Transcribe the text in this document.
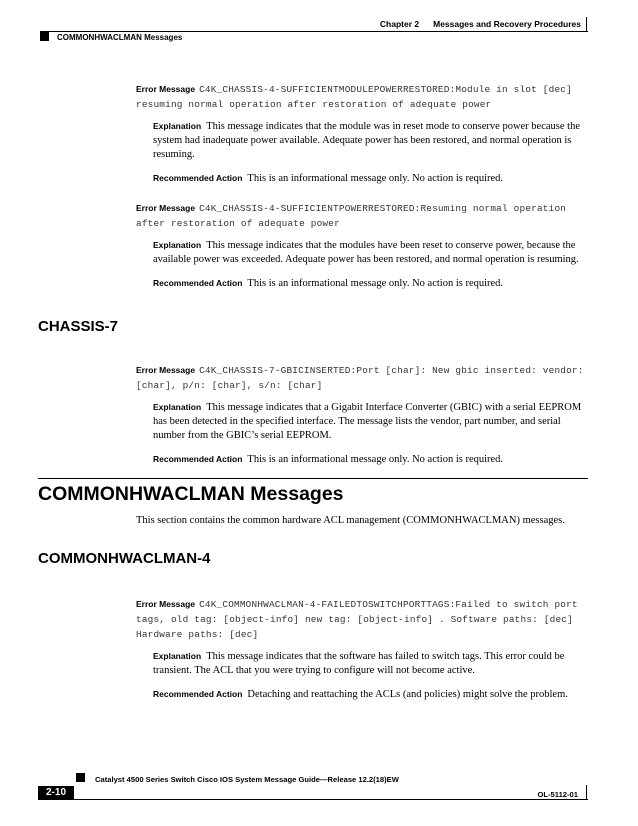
Chapter 2 Messages and Recovery Procedures
COMMONHWACLMAN Messages
Error Message C4K_CHASSIS-4-SUFFICIENTMODULEPOWERRESTORED:Module in slot [dec] resuming normal operation after restoration of adequate power
Explanation This message indicates that the module was in reset mode to conserve power because the system had inadequate power available. Adequate power has been restored, and normal operation is resuming.
Recommended Action This is an informational message only. No action is required.
Error Message C4K_CHASSIS-4-SUFFICIENTPOWERRESTORED:Resuming normal operation after restoration of adequate power
Explanation This message indicates that the modules have been reset to conserve power, because the available power was exceeded. Adequate power has been restored, and normal operation is resuming.
Recommended Action This is an informational message only. No action is required.
CHASSIS-7
Error Message C4K_CHASSIS-7-GBICINSERTED:Port [char]: New gbic inserted: vendor: [char], p/n: [char], s/n: [char]
Explanation This message indicates that a Gigabit Interface Converter (GBIC) with a serial EEPROM has been detected in the specified interface. The message lists the vendor, part number, and serial number from the GBIC’s serial EEPROM.
Recommended Action This is an informational message only. No action is required.
COMMONHWACLMAN Messages
This section contains the common hardware ACL management (COMMONHWACLMAN) messages.
COMMONHWACLMAN-4
Error Message C4K_COMMONHWACLMAN-4-FAILEDTOSWITCHPORTTAGS:Failed to switch port tags, old tag: [object-info] new tag: [object-info] . Software paths: [dec] Hardware paths: [dec]
Explanation This message indicates that the software has failed to switch tags. This error could be transient. The ACL that you were trying to configure will not become active.
Recommended Action Detaching and reattaching the ACLs (and policies) might solve the problem.
Catalyst 4500 Series Switch Cisco IOS System Message Guide—Release 12.2(18)EW
2-10	OL-5112-01
